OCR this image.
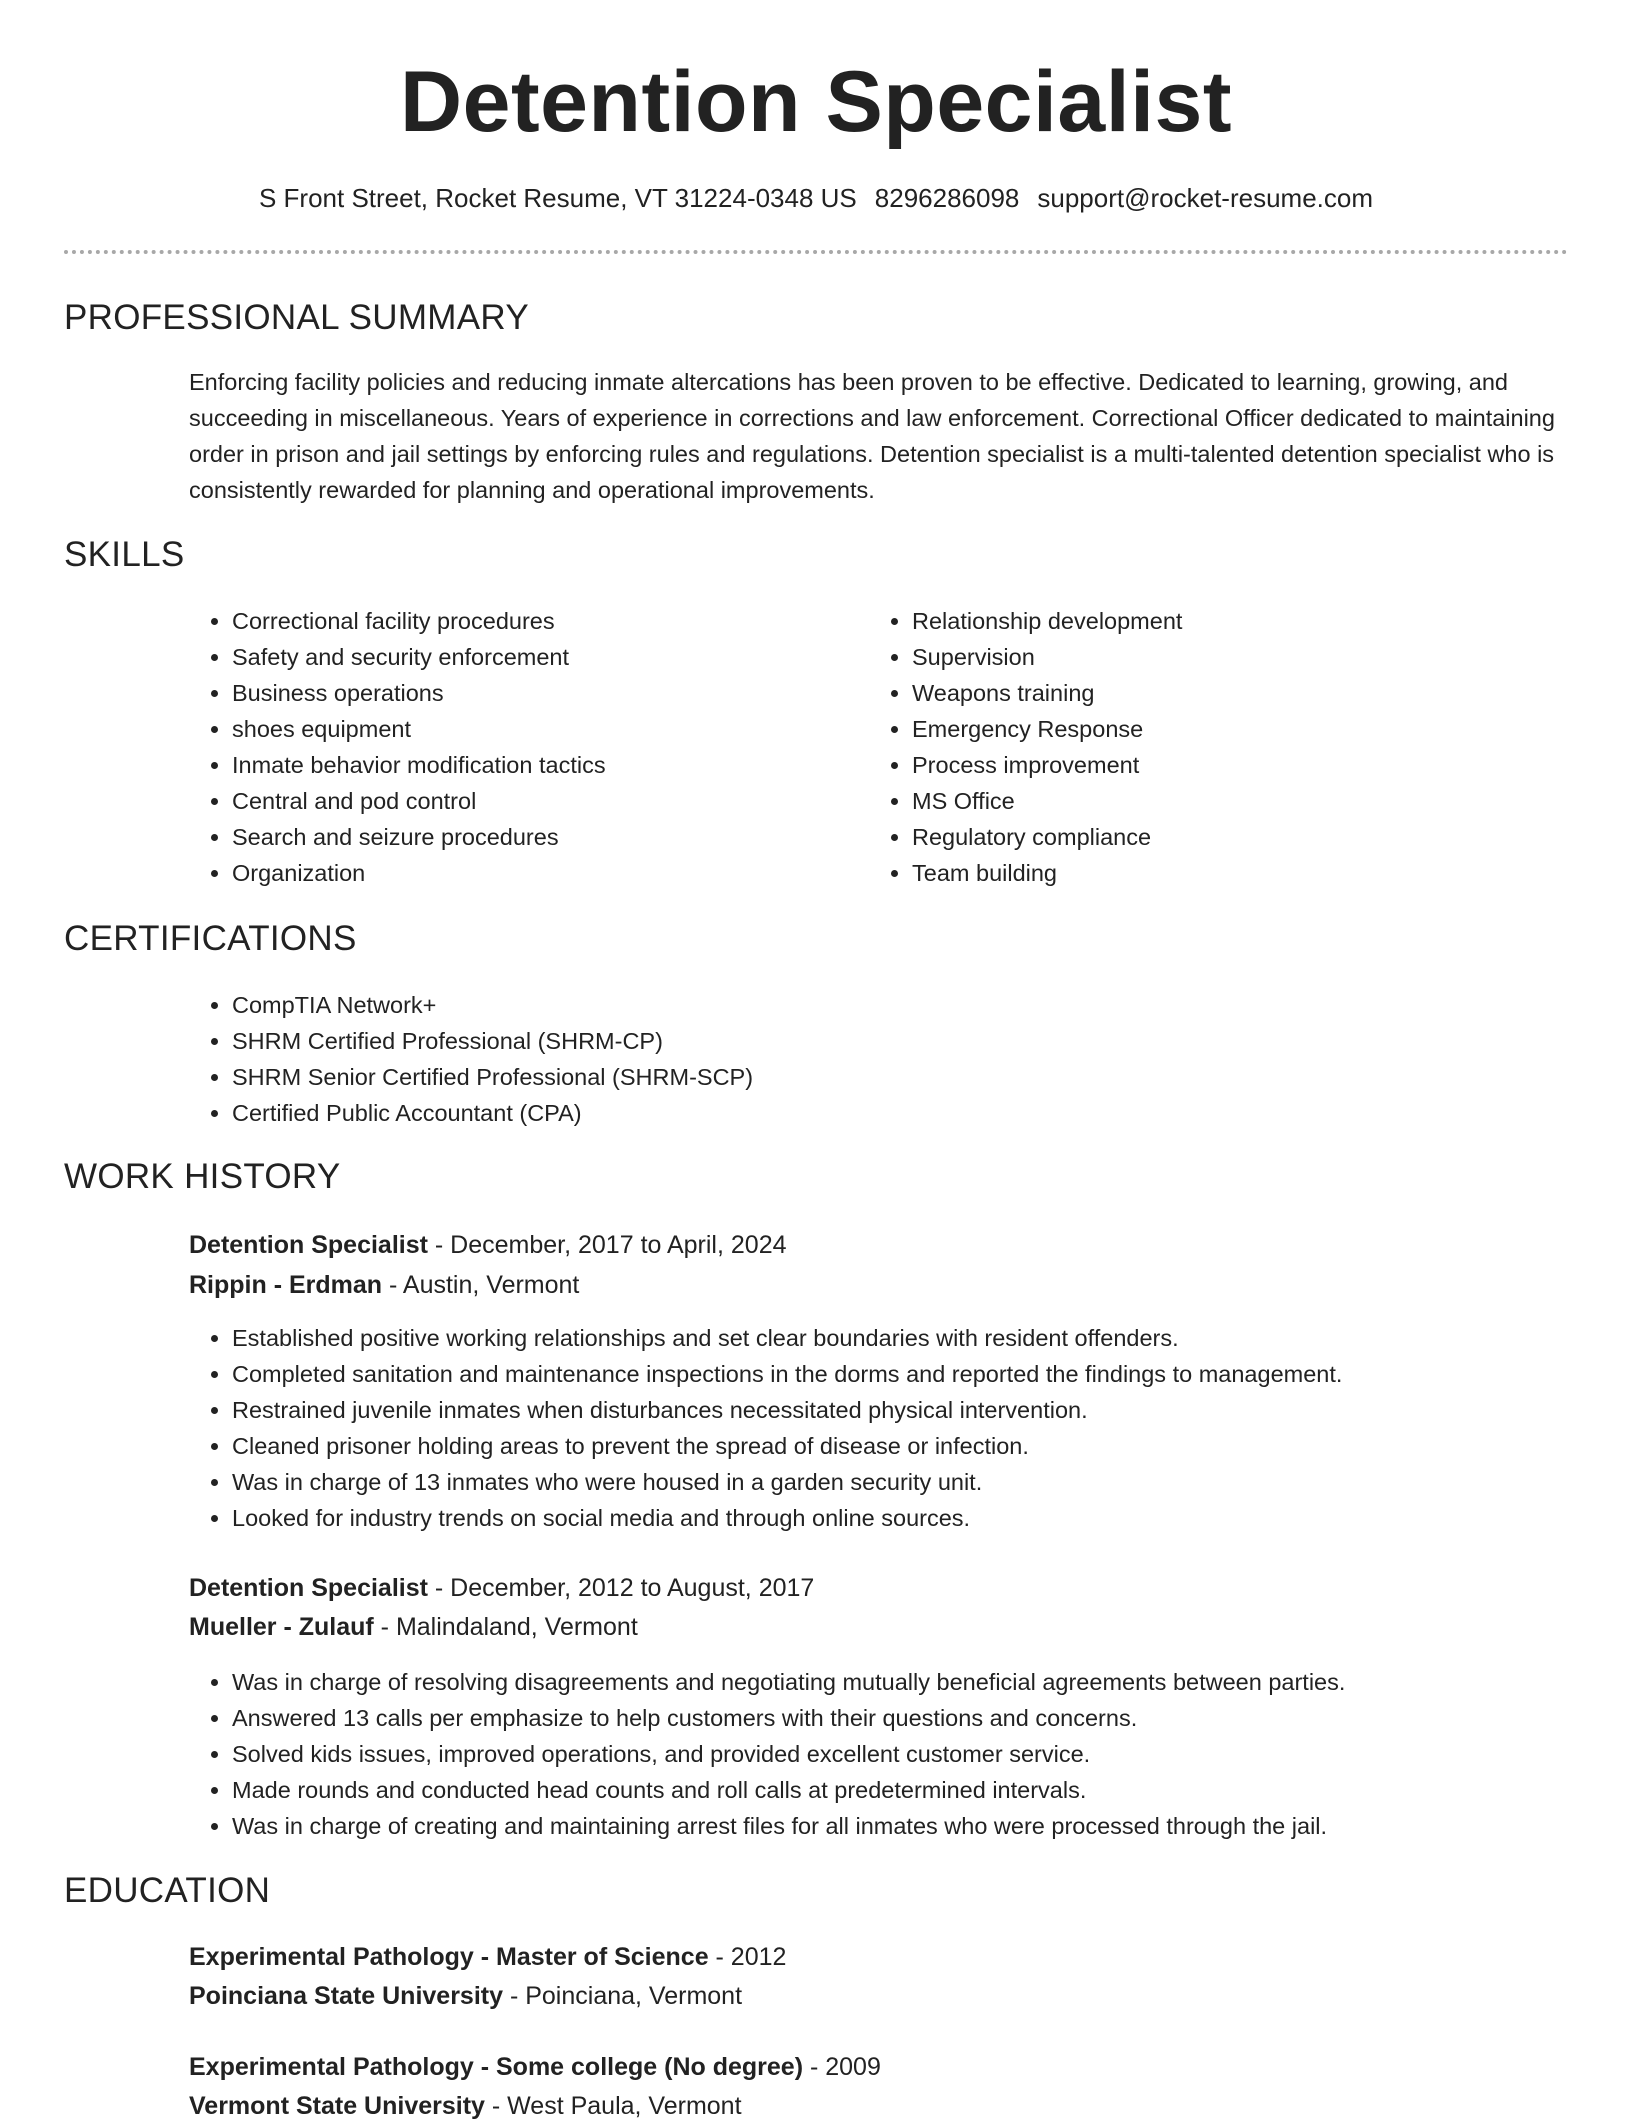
Detention Specialist
S Front Street, Rocket Resume, VT 31224-0348 US 8296286098 support@rocket-resume.com
PROFESSIONAL SUMMARY

Enforcing facility policies and reducing inmate altercations has been proven to be effective. Dedicated to learning, growing, and succeeding in miscellaneous. Years of experience in corrections and law enforcement. Correctional Officer dedicated to maintaining order in prison and jail settings by enforcing rules and regulations. Detention specialist is a multi-talented detention specialist who is consistently rewarded for planning and operational improvements.

SKILLS
• Correctional facility procedures
• Safety and security enforcement
• Business operations
• shoes equipment
• Inmate behavior modification tactics
• Central and pod control
• Search and seizure procedures
• Organization
• Relationship development
• Supervision
• Weapons training
• Emergency Response
• Process improvement
• MS Office
• Regulatory compliance
• Team building
CERTIFICATIONS
• CompTIA Network+
• SHRM Certified Professional (SHRM-CP)
• SHRM Senior Certified Professional (SHRM-SCP)
• Certified Public Accountant (CPA)
WORK HISTORY
Detention Specialist - December, 2017 to April, 2024
Rippin - Erdman - Austin, Vermont
• Established positive working relationships and set clear boundaries with resident offenders.
• Completed sanitation and maintenance inspections in the dorms and reported the findings to management.
• Restrained juvenile inmates when disturbances necessitated physical intervention.
• Cleaned prisoner holding areas to prevent the spread of disease or infection.
• Was in charge of 13 inmates who were housed in a garden security unit.
• Looked for industry trends on social media and through online sources.
Detention Specialist - December, 2012 to August, 2017
Mueller - Zulauf - Malindaland, Vermont
• Was in charge of resolving disagreements and negotiating mutually beneficial agreements between parties.
• Answered 13 calls per emphasize to help customers with their questions and concerns.
• Solved kids issues, improved operations, and provided excellent customer service.
• Made rounds and conducted head counts and roll calls at predetermined intervals.
• Was in charge of creating and maintaining arrest files for all inmates who were processed through the jail.
EDUCATION
Experimental Pathology - Master of Science - 2012
Poinciana State University - Poinciana, Vermont
Experimental Pathology - Some college (No degree) - 2009
Vermont State University - West Paula, Vermont
